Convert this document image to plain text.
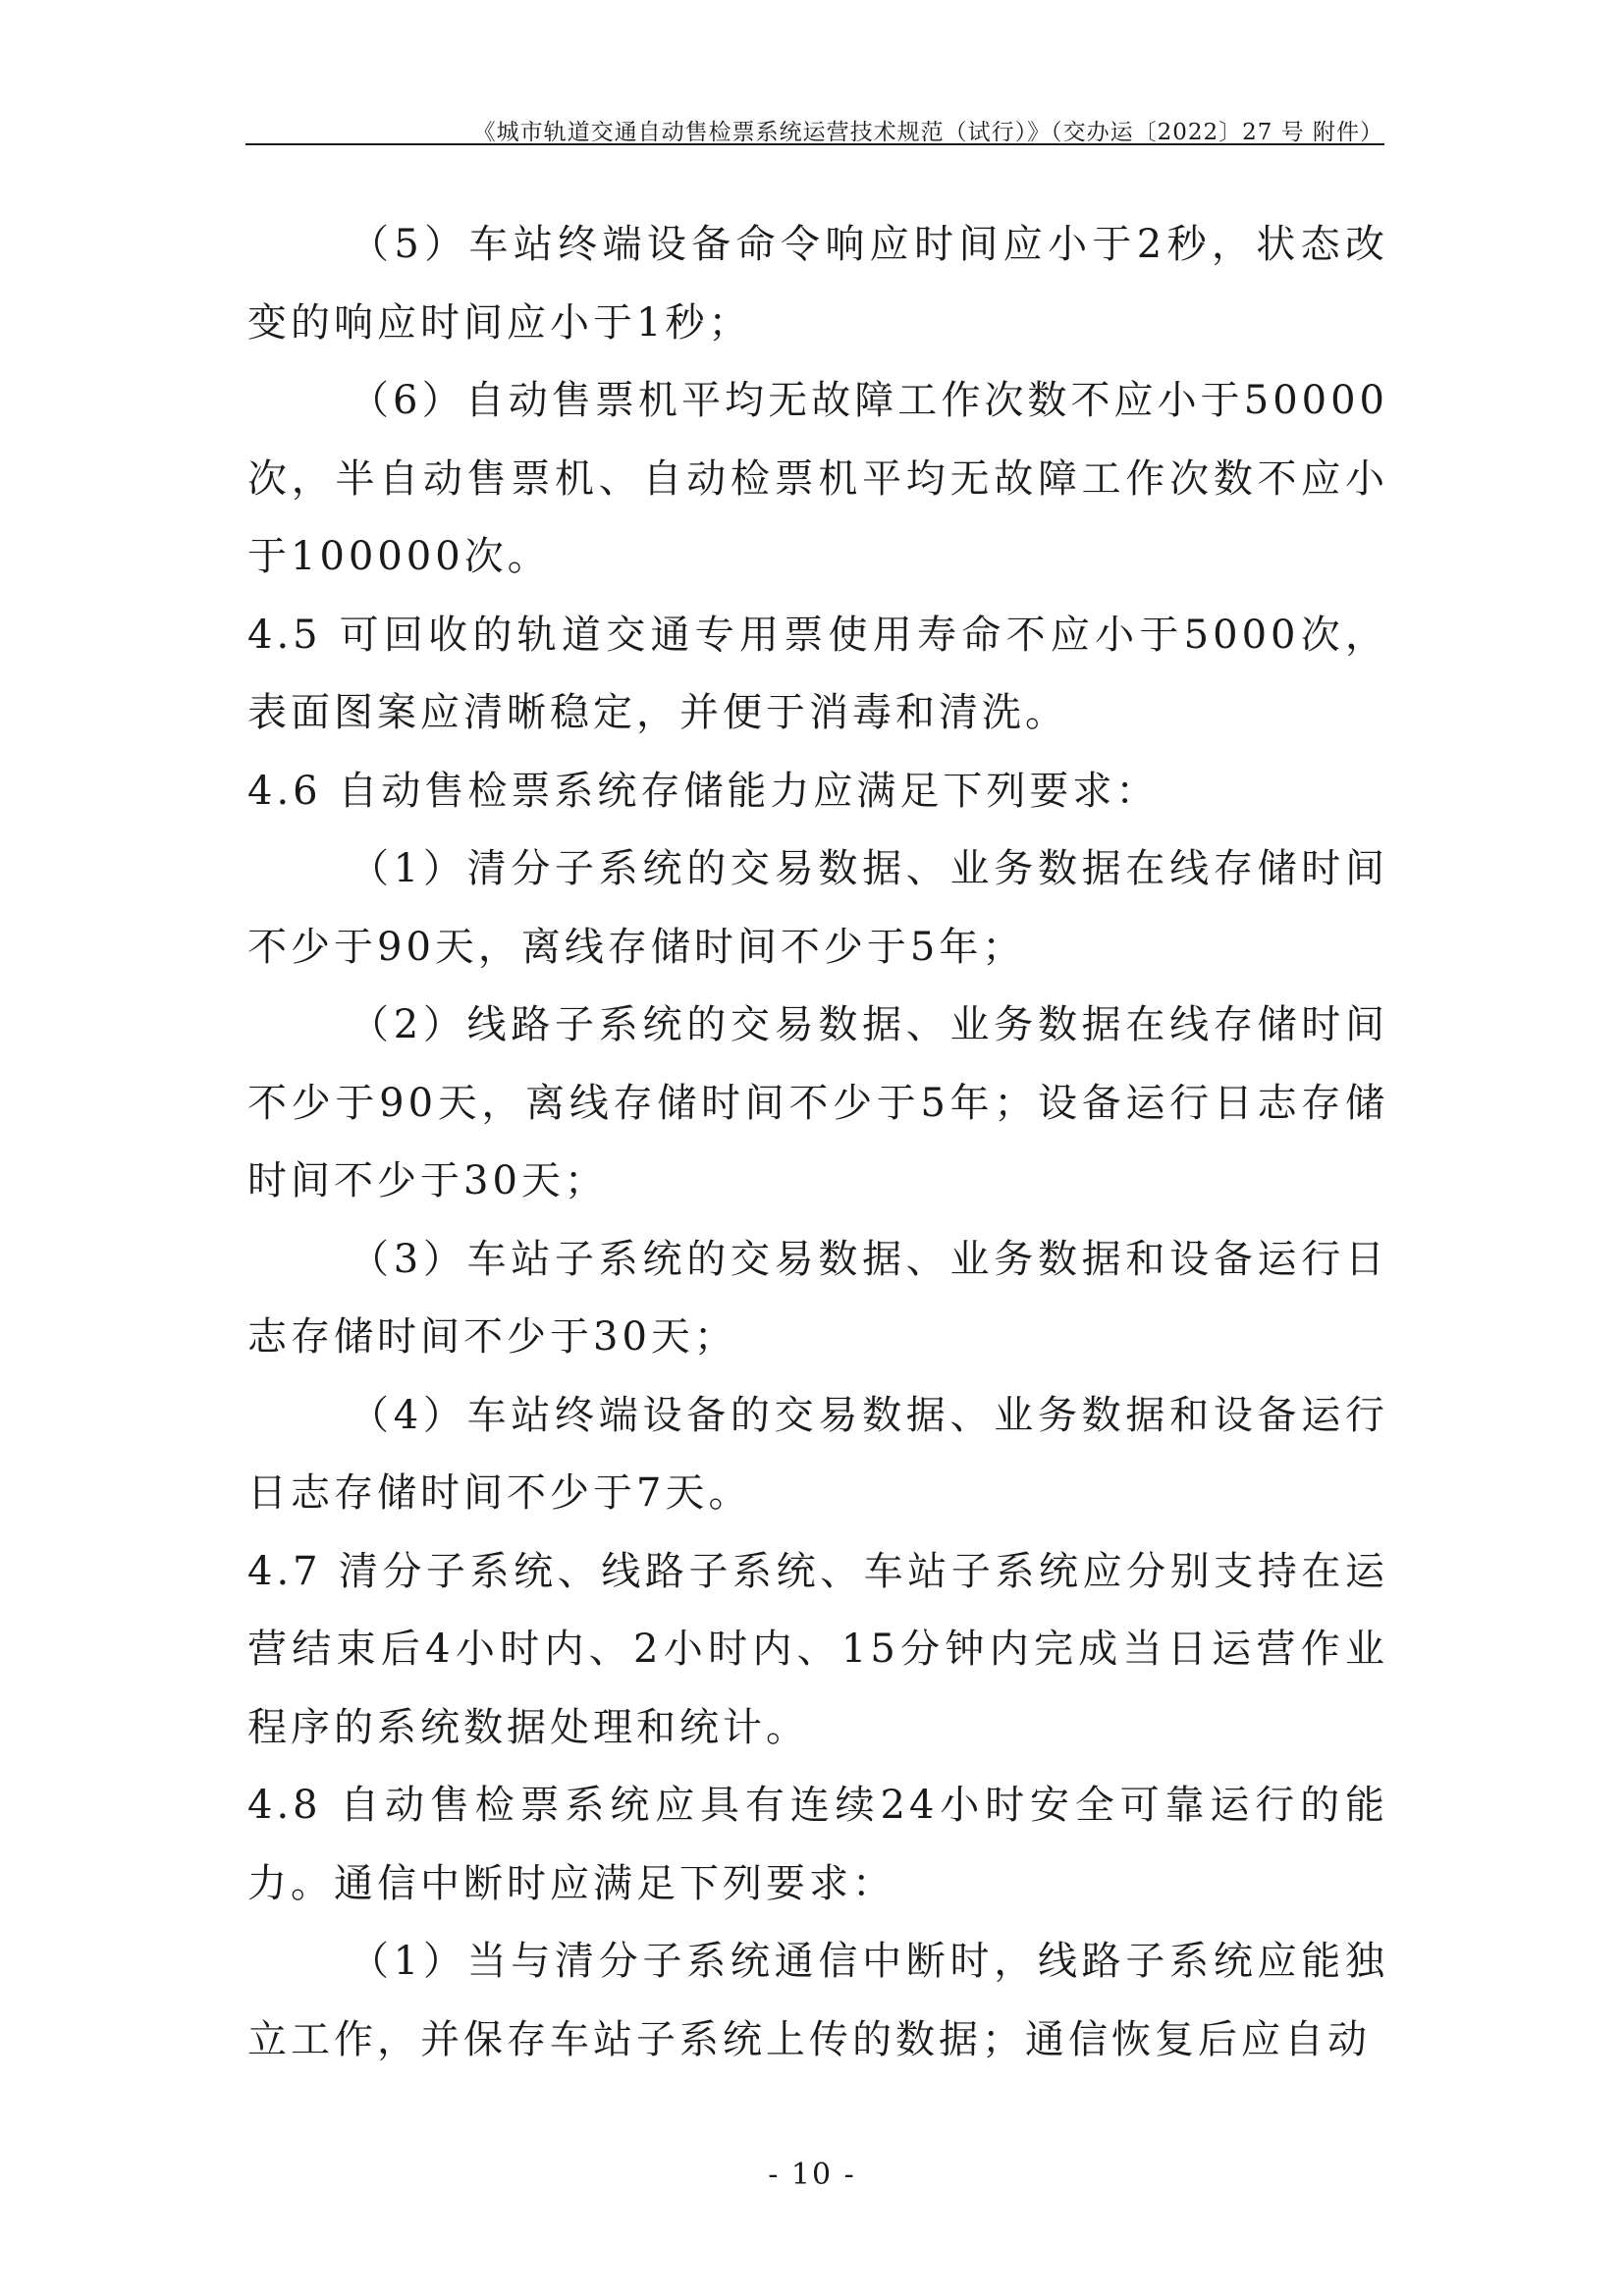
《城市轨道交通自动售检票系统运营技术规范（试行）》（交办运〔2022〕27 号 附件）

（5）车站终端设备命令响应时间应小于2秒，状态改变的响应时间应小于1秒；

（6）自动售票机平均无故障工作次数不应小于50000次，半自动售票机、自动检票机平均无故障工作次数不应小于100000次。

4.5 可回收的轨道交通专用票使用寿命不应小于5000次，表面图案应清晰稳定，并便于消毒和清洗。

4.6 自动售检票系统存储能力应满足下列要求：

（1）清分子系统的交易数据、业务数据在线存储时间不少于90天，离线存储时间不少于5年；

（2）线路子系统的交易数据、业务数据在线存储时间不少于90天，离线存储时间不少于5年；设备运行日志存储时间不少于30天；

（3）车站子系统的交易数据、业务数据和设备运行日志存储时间不少于30天；

（4）车站终端设备的交易数据、业务数据和设备运行日志存储时间不少于7天。

4.7 清分子系统、线路子系统、车站子系统应分别支持在运营结束后4小时内、2小时内、15分钟内完成当日运营作业程序的系统数据处理和统计。

4.8 自动售检票系统应具有连续24小时安全可靠运行的能力。通信中断时应满足下列要求：

（1）当与清分子系统通信中断时，线路子系统应能独立工作，并保存车站子系统上传的数据；通信恢复后应自动

- 10 -
